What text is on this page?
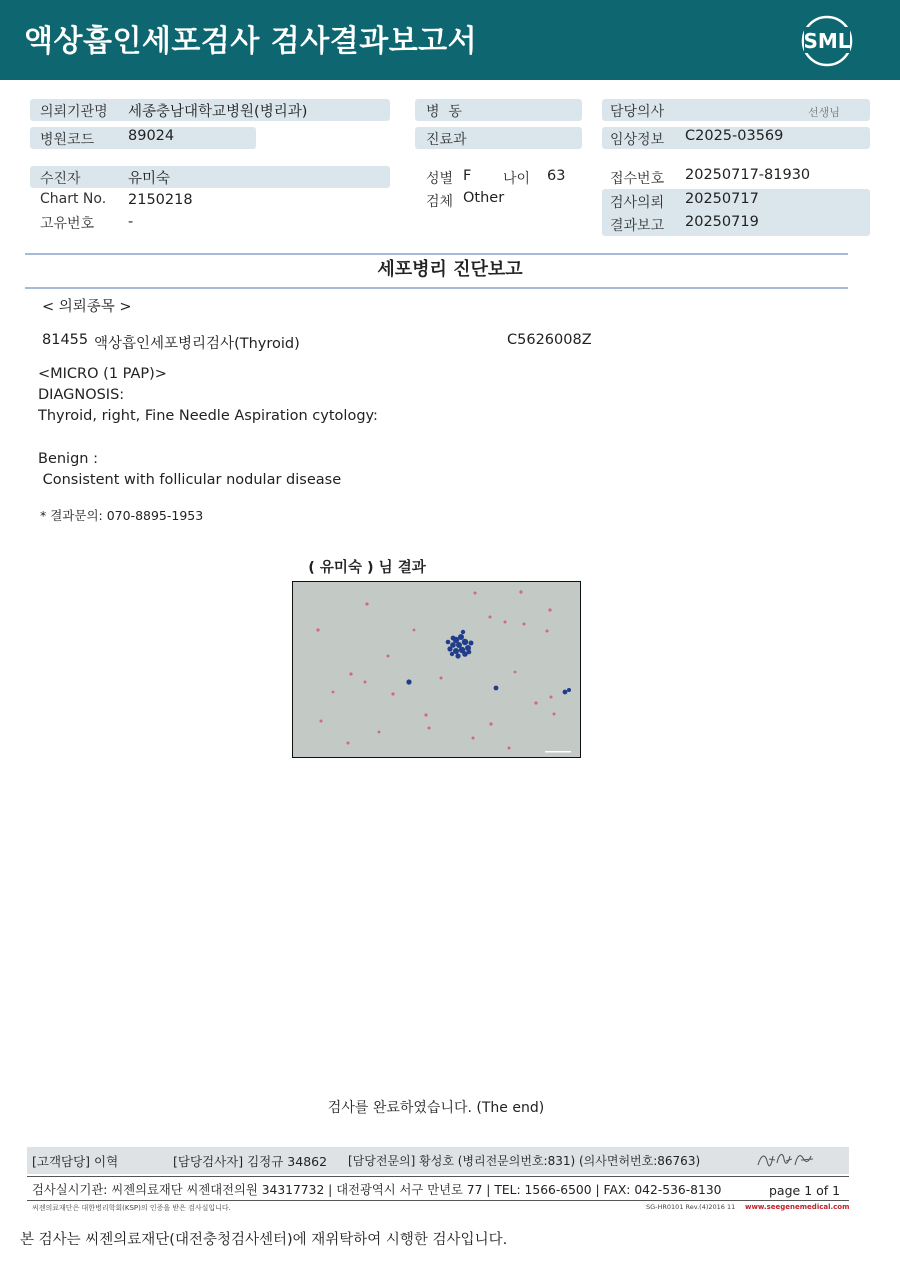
액상흡인세포검사 검사결과보고서	SML
의뢰기관명 세종충남대학교병원(병리과)
병원코드 89024
병  동
진료과
담당의사	선생님
임상정보 C2025-03569
수진자	유미숙
Chart No. 2150218
고유번호 -
성별 F 나이 63
검체 Other
접수번호 20250717-81930
검사의뢰 20250717
결과보고 20250719
세포병리 진단보고
< 의뢰종목 >
81455 액상흡인세포병리검사(Thyroid)	C5626008Z
<MICRO (1 PAP)>
DIAGNOSIS:
Thyroid, right, Fine Needle Aspiration cytology:
Benign :
Consistent with follicular nodular disease
* 결과문의: 070-8895-1953
( 유미숙 ) 님 결과
검사를 완료하였습니다. (The end)
[고객담당] 이혁	[담당검사자] 김정규 34862 [담당전문의] 황성호 (병리전문의번호:831) (의사면허번호:86763)
검사실시기관: 씨젠의료재단 씨젠대전의원 34317732 | 대전광역시 서구 만년로 77 | TEL: 1566-6500 | FAX: 042-536-8130	page 1 of 1
씨젠의료재단은 대한병리학회(KSP)의 인증을 받은 검사실입니다.	SG-HR0101 Rev.(4)2016 11 www.seegenemedical.com
본 검사는 씨젠의료재단(대전충청검사센터)에 재위탁하여 시행한 검사입니다.
